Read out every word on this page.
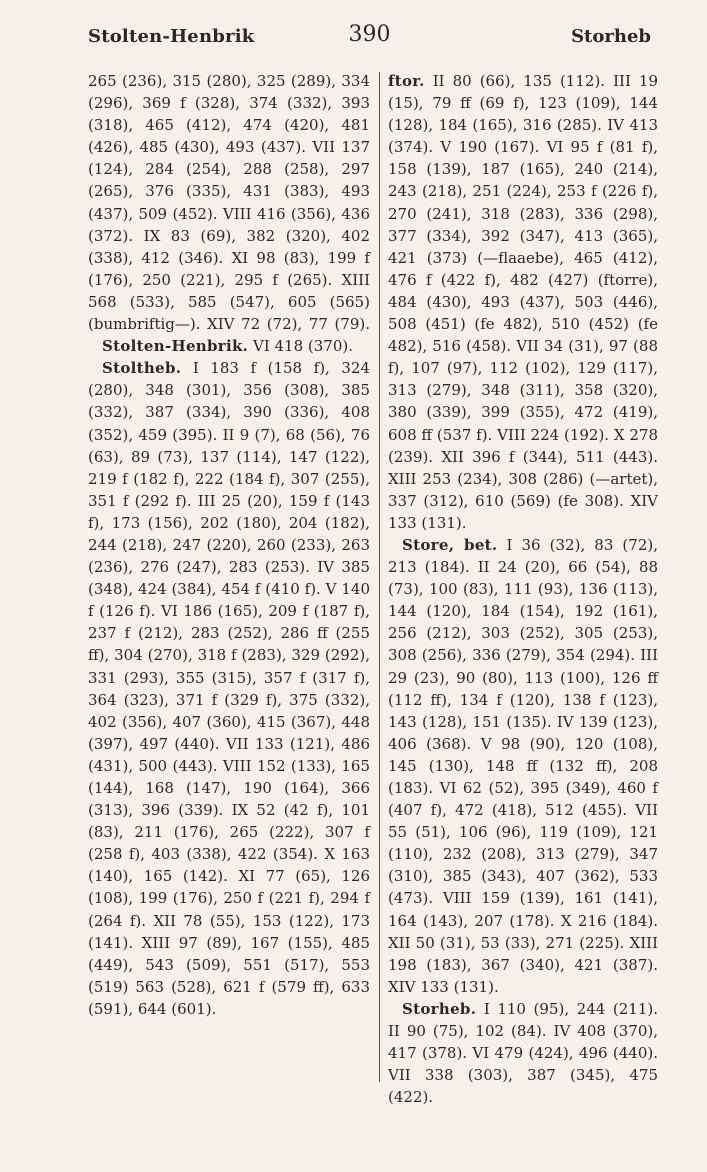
Stolten-Henbrik	390	Storheb

265 (236), 315 (280), 325 (289), 334 (296), 369 f (328), 374 (332), 393 (318), 465 (412), 474 (420), 481 (426), 485 (430), 493 (437). VII 137 (124), 284 (254), 288 (258), 297 (265), 376 (335), 431 (383), 493 (437), 509 (452). VIII 416 (356), 436 (372). IX 83 (69), 382 (320), 402 (338), 412 (346). XI 98 (83), 199 f (176), 250 (221), 295 f (265). XIII 568 (533), 585 (547), 605 (565) (bumbriftig—). XIV 72 (72), 77 (79).

Stolten-Henbrik. VI 418 (370).

Stoltheb. I 183 f (158 f), 324 (280), 348 (301), 356 (308), 385 (332), 387 (334), 390 (336), 408 (352), 459 (395). II 9 (7), 68 (56), 76 (63), 89 (73), 137 (114), 147 (122), 219 f (182 f), 222 (184 f), 307 (255), 351 f (292 f). III 25 (20), 159 f (143 f), 173 (156), 202 (180), 204 (182), 244 (218), 247 (220), 260 (233), 263 (236), 276 (247), 283 (253). IV 385 (348), 424 (384), 454 f (410 f). V 140 f (126 f). VI 186 (165), 209 f (187 f), 237 f (212), 283 (252), 286 ff (255 ff), 304 (270), 318 f (283), 329 (292), 331 (293), 355 (315), 357 f (317 f), 364 (323), 371 f (329 f), 375 (332), 402 (356), 407 (360), 415 (367), 448 (397), 497 (440). VII 133 (121), 486 (431), 500 (443). VIII 152 (133), 165 (144), 168 (147), 190 (164), 366 (313), 396 (339). IX 52 (42 f), 101 (83), 211 (176), 265 (222), 307 f (258 f), 403 (338), 422 (354). X 163 (140), 165 (142). XI 77 (65), 126 (108), 199 (176), 250 f (221 f), 294 f (264 f). XII 78 (55), 153 (122), 173 (141). XIII 97 (89), 167 (155), 485 (449), 543 (509), 551 (517), 553 (519) 563 (528), 621 f (579 ff), 633 (591), 644 (601).

ftor. II 80 (66), 135 (112). III 19 (15), 79 ff (69 f), 123 (109), 144 (128), 184 (165), 316 (285). IV 413 (374). V 190 (167). VI 95 f (81 f), 158 (139), 187 (165), 240 (214), 243 (218), 251 (224), 253 f (226 f), 270 (241), 318 (283), 336 (298), 377 (334), 392 (347), 413 (365), 421 (373) (—flaaebe), 465 (412), 476 f (422 f), 482 (427) (ftorre), 484 (430), 493 (437), 503 (446), 508 (451) (fe 482), 510 (452) (fe 482), 516 (458). VII 34 (31), 97 (88 f), 107 (97), 112 (102), 129 (117), 313 (279), 348 (311), 358 (320), 380 (339), 399 (355), 472 (419), 608 ff (537 f). VIII 224 (192). X 278 (239). XII 396 f (344), 511 (443). XIII 253 (234), 308 (286) (—artet), 337 (312), 610 (569) (fe 308). XIV 133 (131).

Store, bet. I 36 (32), 83 (72), 213 (184). II 24 (20), 66 (54), 88 (73), 100 (83), 111 (93), 136 (113), 144 (120), 184 (154), 192 (161), 256 (212), 303 (252), 305 (253), 308 (256), 336 (279), 354 (294). III 29 (23), 90 (80), 113 (100), 126 ff (112 ff), 134 f (120), 138 f (123), 143 (128), 151 (135). IV 139 (123), 406 (368). V 98 (90), 120 (108), 145 (130), 148 ff (132 ff), 208 (183). VI 62 (52), 395 (349), 460 f (407 f), 472 (418), 512 (455). VII 55 (51), 106 (96), 119 (109), 121 (110), 232 (208), 313 (279), 347 (310), 385 (343), 407 (362), 533 (473). VIII 159 (139), 161 (141), 164 (143), 207 (178). X 216 (184). XII 50 (31), 53 (33), 271 (225). XIII 198 (183), 367 (340), 421 (387). XIV 133 (131).

Storheb. I 110 (95), 244 (211). II 90 (75), 102 (84). IV 408 (370), 417 (378). VI 479 (424), 496 (440). VII 338 (303), 387 (345), 475 (422).
